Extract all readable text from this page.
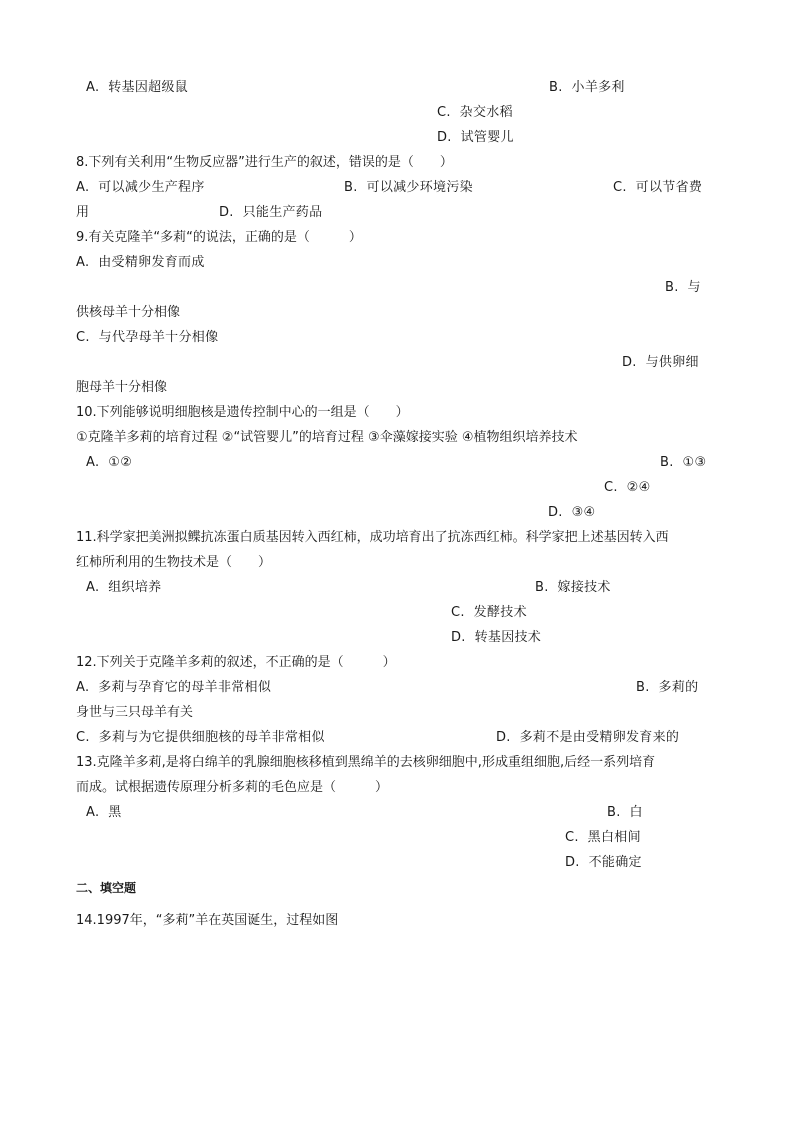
A.  转基因超级鼠	B.  小羊多利
C.  杂交水稻
D.  试管婴儿
8.下列有关利用“生物反应器”进行生产的叙述，错误的是（　　）
A.  可以减少生产程序	B.  可以减少环境污染	C.  可以节省费
用	D.  只能生产药品
9.有关克隆羊“多莉“的说法，正确的是（　　　）
A.  由受精卵发育而成
B.  与
供核母羊十分相像
C.  与代孕母羊十分相像
D.  与供卵细
胞母羊十分相像
10.下列能够说明细胞核是遗传控制中心的一组是（　　）
①克隆羊多莉的培育过程 ②“试管婴儿”的培育过程 ③伞藻嫁接实验 ④植物组织培养技术
A.  ①②	B.  ①③
C.  ②④
D.  ③④
11.科学家把美洲拟鲽抗冻蛋白质基因转入西红柿，成功培育出了抗冻西红柿。科学家把上述基因转入西
红柿所利用的生物技术是（　　）
A.  组织培养	B.  嫁接技术
C.  发酵技术
D.  转基因技术
12.下列关于克隆羊多莉的叙述，不正确的是（　　　）
A.  多莉与孕育它的母羊非常相似	B.  多莉的
身世与三只母羊有关
C.  多莉与为它提供细胞核的母羊非常相似	D.  多莉不是由受精卵发育来的
13.克隆羊多莉,是将白绵羊的乳腺细胞核移植到黑绵羊的去核卵细胞中,形成重组细胞,后经一系列培育
而成。试根据遗传原理分析多莉的毛色应是（　　　）
A.  黑	B.  白
C.  黑白相间
D.  不能确定
二、填空题
14.1997年，“多莉”羊在英国诞生，过程如图
